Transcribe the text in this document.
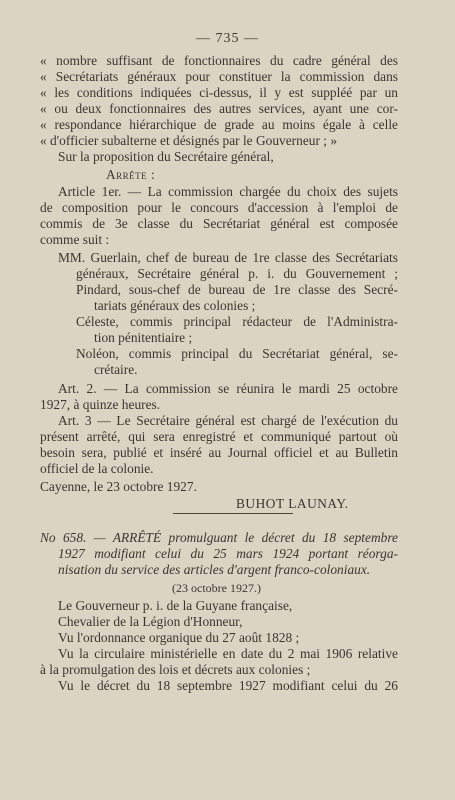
— 735 —
« nombre suffisant de fonctionnaires du cadre général des
« Secrétariats généraux pour constituer la commission dans
« les conditions indiquées ci-dessus, il y est suppléé par un
« ou deux fonctionnaires des autres services, ayant une cor-
« respondance hiérarchique de grade au moins égale à celle
« d'officier subalterne et désignés par le Gouverneur ; »
Sur la proposition du Secrétaire général,
Arrête :
Article 1er. — La commission chargée du choix des sujets
de composition pour le concours d'accession à l'emploi de
commis de 3e classe du Secrétariat général est composée
comme suit :
MM. Guerlain, chef de bureau de 1re classe des Secrétariats
généraux, Secrétaire général p. i. du Gouvernement ;
Pindard, sous-chef de bureau de 1re classe des Secré-
tariats généraux des colonies ;
Céleste, commis principal rédacteur de l'Administra-
tion pénitentiaire ;
Noléon, commis principal du Secrétariat général, se-
crétaire.
Art. 2. — La commission se réunira le mardi 25 octobre
1927, à quinze heures.
Art. 3 — Le Secrétaire général est chargé de l'exécution du
présent arrêté, qui sera enregistré et communiqué partout où
besoin sera, publié et inséré au Journal officiel et au Bulletin
officiel de la colonie.
Cayenne, le 23 octobre 1927.
BUHOT LAUNAY.
No 658. — ARRÊTÉ promulguant le décret du 18 septembre
1927 modifiant celui du 25 mars 1924 portant réorga-
nisation du service des articles d'argent franco-coloniaux.
(23 octobre 1927.)
Le Gouverneur p. i. de la Guyane française,
Chevalier de la Légion d'Honneur,
Vu l'ordonnance organique du 27 août 1828 ;
Vu la circulaire ministérielle en date du 2 mai 1906 relative
à la promulgation des lois et décrets aux colonies ;
Vu le décret du 18 septembre 1927 modifiant celui du 26
